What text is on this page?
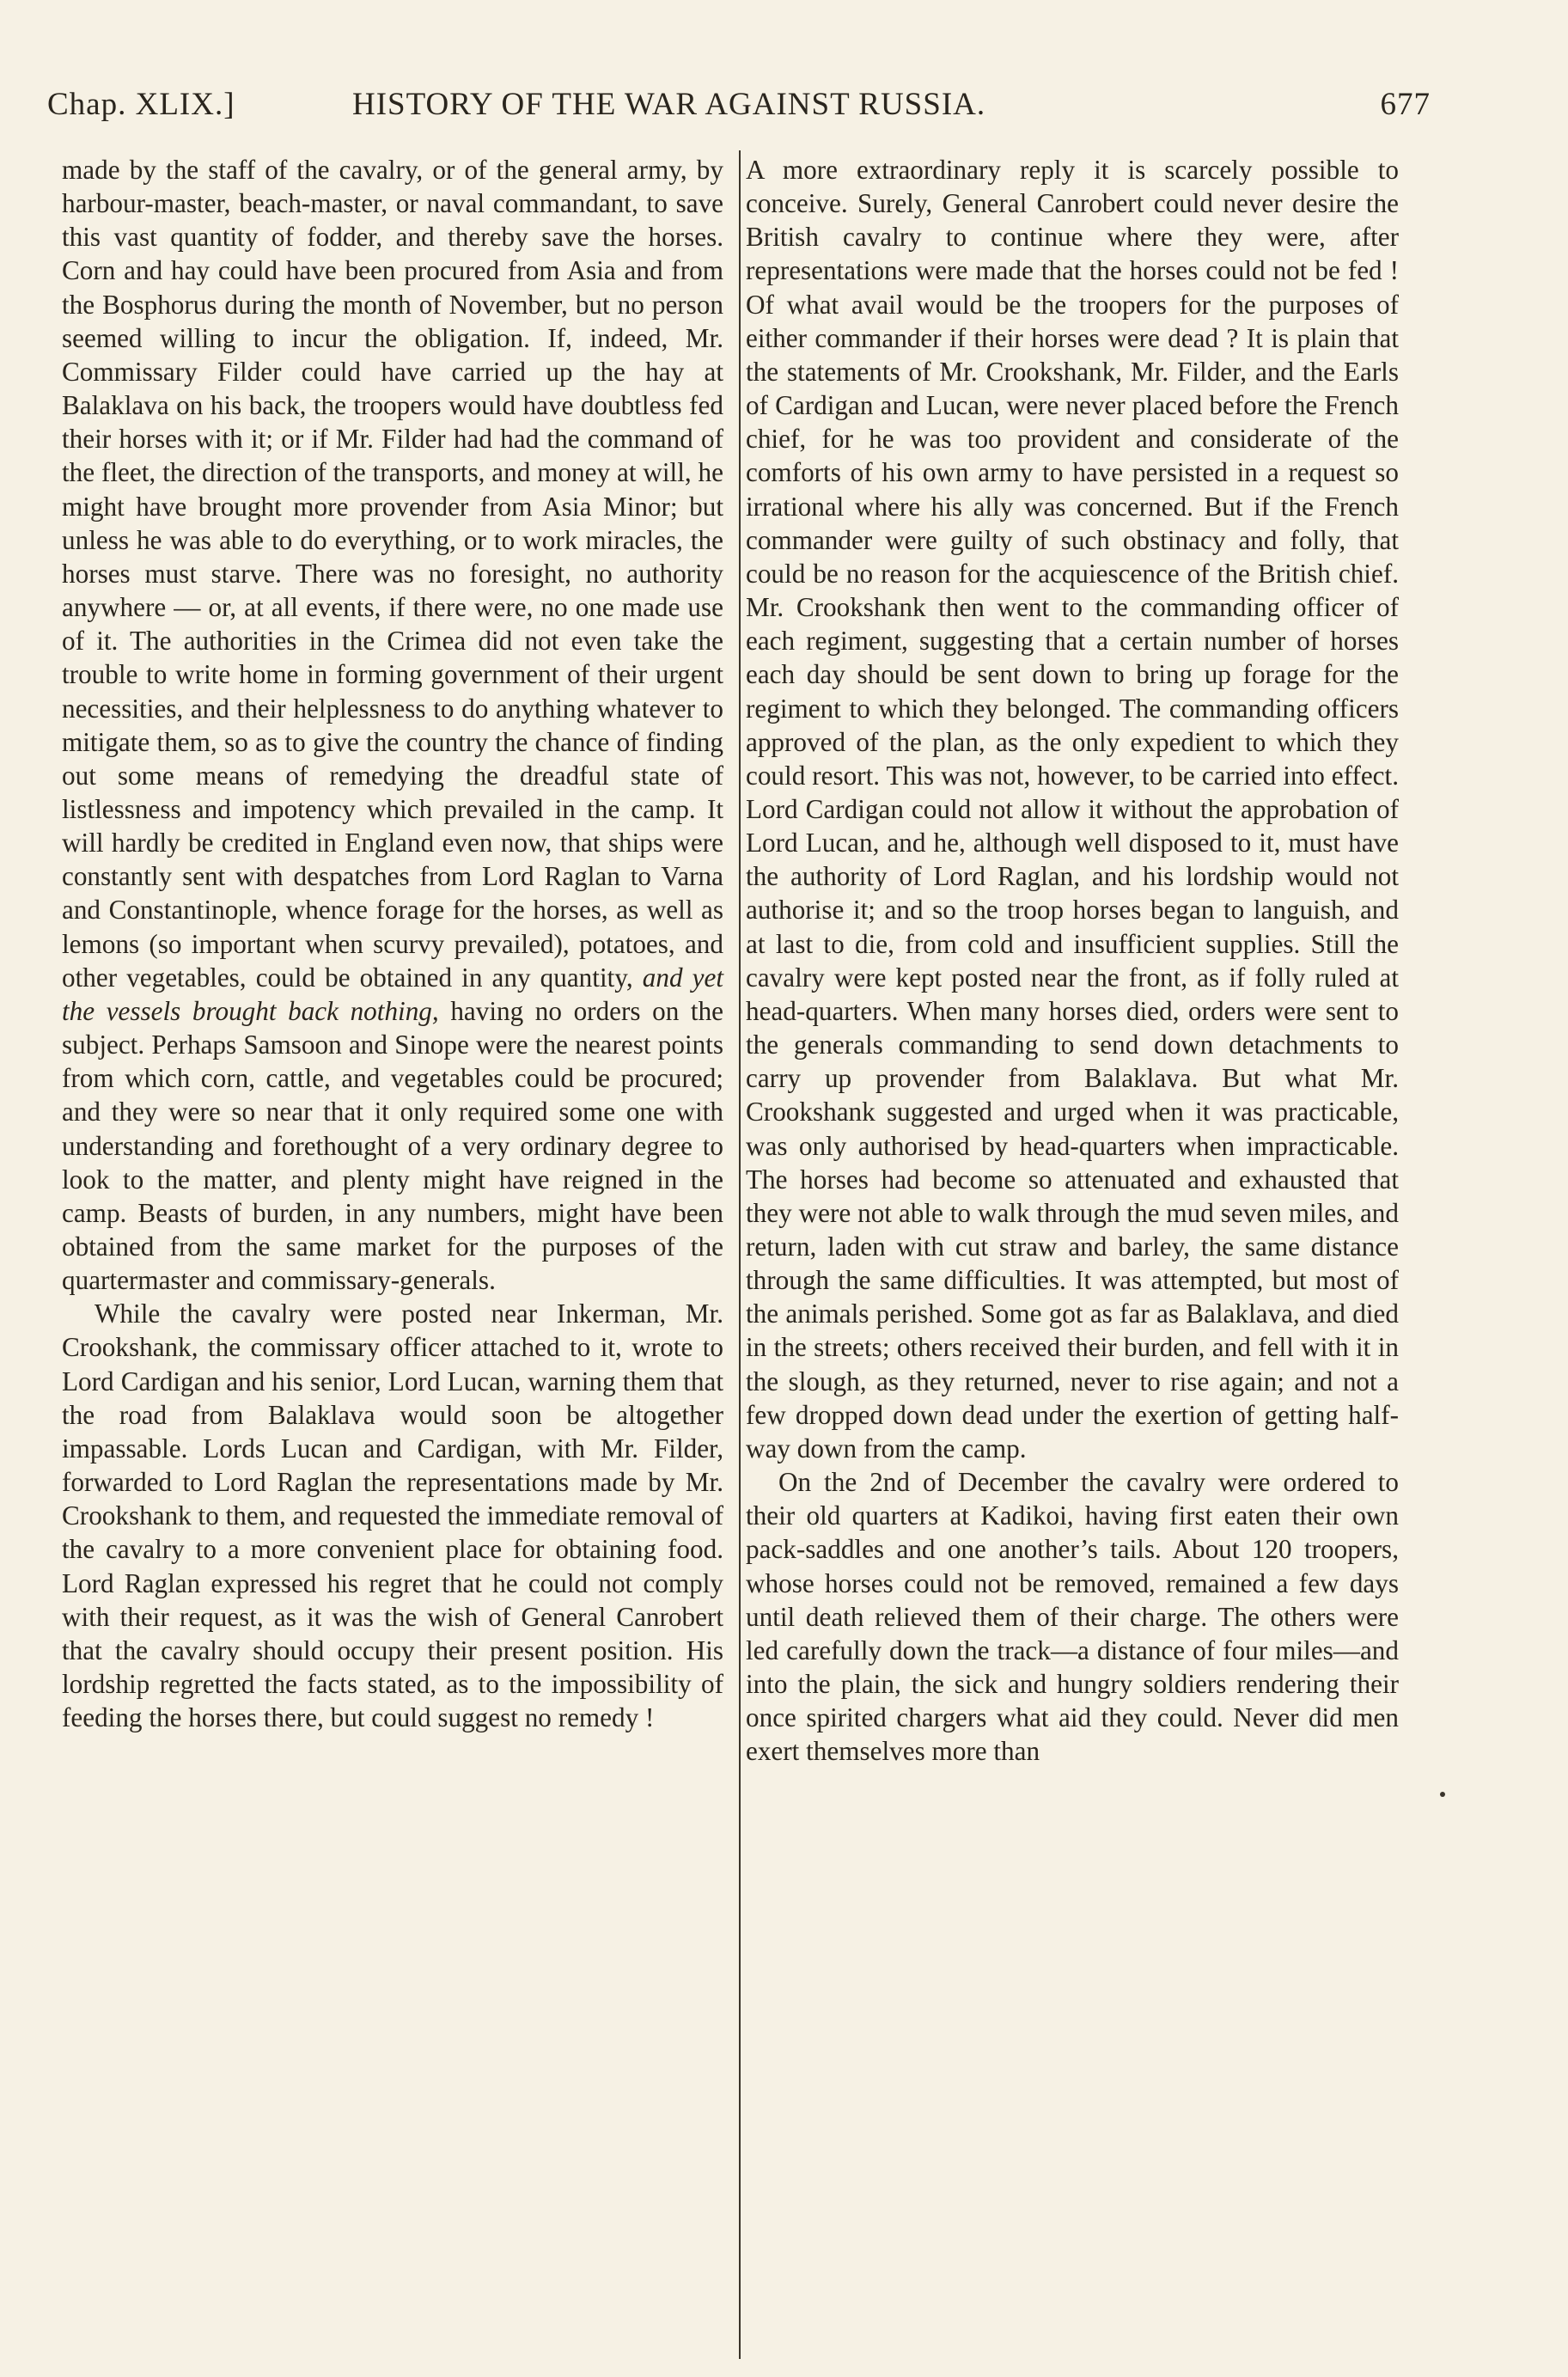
Chap. XLIX.]	HISTORY OF THE WAR AGAINST RUSSIA.	677

made by the staff of the cavalry, or of the general army, by harbour-master, beach-master, or naval commandant, to save this vast quantity of fodder, and thereby save the horses. Corn and hay could have been procured from Asia and from the Bosphorus during the month of November, but no person seemed willing to incur the obligation. If, indeed, Mr. Commissary Filder could have carried up the hay at Balaklava on his back, the troopers would have doubtless fed their horses with it; or if Mr. Filder had had the command of the fleet, the direction of the transports, and money at will, he might have brought more provender from Asia Minor; but unless he was able to do everything, or to work miracles, the horses must starve. There was no foresight, no authority anywhere — or, at all events, if there were, no one made use of it. The authorities in the Crimea did not even take the trouble to write home in forming government of their urgent necessities, and their helplessness to do anything whatever to mitigate them, so as to give the country the chance of finding out some means of remedying the dreadful state of listlessness and impotency which prevailed in the camp. It will hardly be credited in England even now, that ships were constantly sent with despatches from Lord Raglan to Varna and Constantinople, whence forage for the horses, as well as lemons (so important when scurvy prevailed), potatoes, and other vegetables, could be obtained in any quantity, and yet the vessels brought back nothing, having no orders on the subject. Perhaps Samsoon and Sinope were the nearest points from which corn, cattle, and vegetables could be procured; and they were so near that it only required some one with understanding and forethought of a very ordinary degree to look to the matter, and plenty might have reigned in the camp. Beasts of burden, in any numbers, might have been obtained from the same market for the purposes of the quartermaster and commissary-generals.

While the cavalry were posted near Inkerman, Mr. Crookshank, the commissary officer attached to it, wrote to Lord Cardigan and his senior, Lord Lucan, warning them that the road from Balaklava would soon be altogether impassable. Lords Lucan and Cardigan, with Mr. Filder, forwarded to Lord Raglan the representations made by Mr. Crookshank to them, and requested the immediate removal of the cavalry to a more convenient place for obtaining food. Lord Raglan expressed his regret that he could not comply with their request, as it was the wish of General Canrobert that the cavalry should occupy their present position. His lordship regretted the facts stated, as to the impossibility of feeding the horses there, but could suggest no remedy !

A more extraordinary reply it is scarcely possible to conceive. Surely, General Canrobert could never desire the British cavalry to continue where they were, after representations were made that the horses could not be fed ! Of what avail would be the troopers for the purposes of either commander if their horses were dead ? It is plain that the statements of Mr. Crookshank, Mr. Filder, and the Earls of Cardigan and Lucan, were never placed before the French chief, for he was too provident and considerate of the comforts of his own army to have persisted in a request so irrational where his ally was concerned. But if the French commander were guilty of such obstinacy and folly, that could be no reason for the acquiescence of the British chief. Mr. Crookshank then went to the commanding officer of each regiment, suggesting that a certain number of horses each day should be sent down to bring up forage for the regiment to which they belonged. The commanding officers approved of the plan, as the only expedient to which they could resort. This was not, however, to be carried into effect. Lord Cardigan could not allow it without the approbation of Lord Lucan, and he, although well disposed to it, must have the authority of Lord Raglan, and his lordship would not authorise it; and so the troop horses began to languish, and at last to die, from cold and insufficient supplies. Still the cavalry were kept posted near the front, as if folly ruled at head-quarters. When many horses died, orders were sent to the generals commanding to send down detachments to carry up provender from Balaklava. But what Mr. Crookshank suggested and urged when it was practicable, was only authorised by head-quarters when impracticable. The horses had become so attenuated and exhausted that they were not able to walk through the mud seven miles, and return, laden with cut straw and barley, the same distance through the same difficulties. It was attempted, but most of the animals perished. Some got as far as Balaklava, and died in the streets; others received their burden, and fell with it in the slough, as they returned, never to rise again; and not a few dropped down dead under the exertion of getting half-way down from the camp.

On the 2nd of December the cavalry were ordered to their old quarters at Kadikoi, having first eaten their own pack-saddles and one another’s tails. About 120 troopers, whose horses could not be removed, remained a few days until death relieved them of their charge. The others were led carefully down the track—a distance of four miles—and into the plain, the sick and hungry soldiers rendering their once spirited chargers what aid they could. Never did men exert themselves more than
